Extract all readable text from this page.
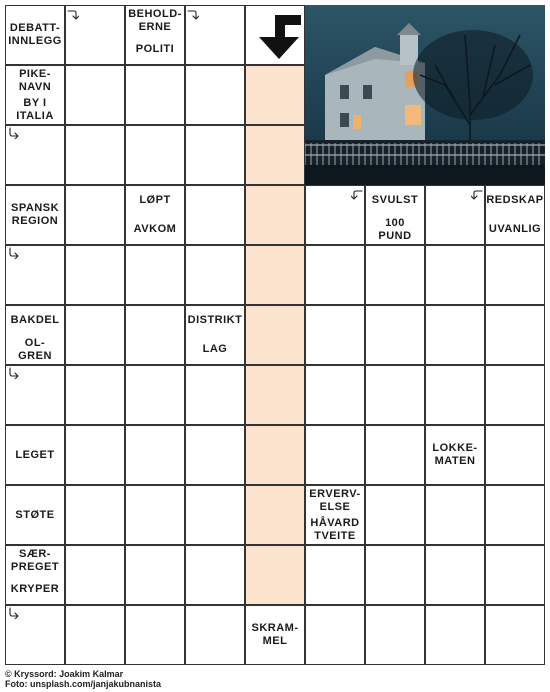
DEBATT-
INNLEGG
BEHOLD-
ERNE
POLITI
PIKE-
NAVN
BY I
ITALIA
SPANSK
REGION
LØPT
AVKOM
SVULST
100
PUND
REDSKAP
UVANLIG
BAKDEL
OL-
GREN
DISTRIKT
LAG
LEGET
LOKKE-
MATEN
STØTE
ERVERV-
ELSE
HÅVARD
TVEITE
SÆR-
PREGET
KRYPER
SKRAM-
MEL
© Kryssord: Joakim Kalmar
Foto: unsplash.com/janjakubnanista
